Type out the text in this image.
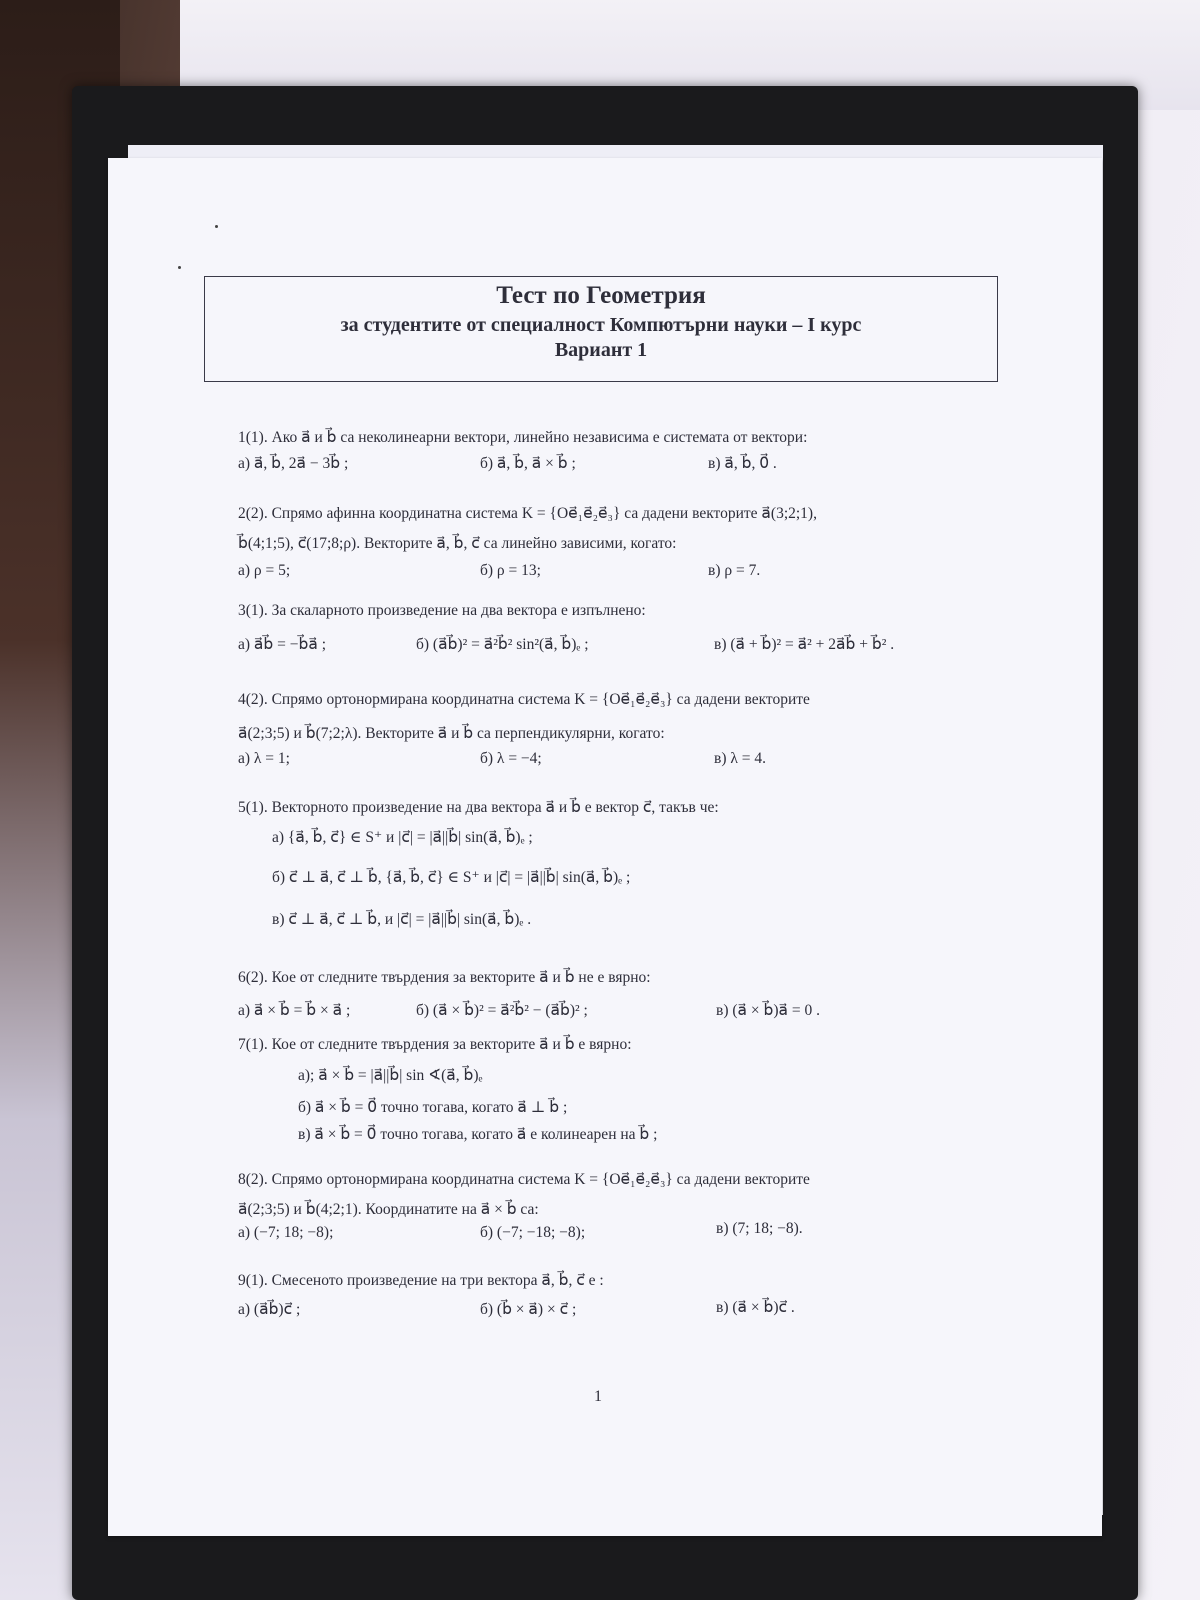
Тест по Геометрия
за студентите от специалност Компютърни науки – I курс
Вариант 1
1(1). Ако a⃗ и b⃗ са неколинеарни вектори, линейно независима е системата от вектори:
а) a⃗, b⃗, 2a⃗ − 3b⃗ ;	б) a⃗, b⃗, a⃗ × b⃗ ;	в) a⃗, b⃗, 0⃗ .
2(2). Спрямо афинна координатна система K = {Oe⃗₁e⃗₂e⃗₃} са дадени векторите a⃗(3;2;1),
b⃗(4;1;5), c⃗(17;8;ρ). Векторите a⃗, b⃗, c⃗ са линейно зависими, когато:
а) ρ = 5;	б) ρ = 13;	в) ρ = 7.
3(1). За скаларното произведение на два вектора е изпълнено:
а) a⃗b⃗ = −b⃗a⃗ ;	б) (a⃗b⃗)² = a⃗²b⃗² sin²(a⃗, b⃗)ₑ ;	в) (a⃗ + b⃗)² = a⃗² + 2a⃗b⃗ + b⃗² .
4(2). Спрямо ортонормирана координатна система K = {Oe⃗₁e⃗₂e⃗₃} са дадени векторите
a⃗(2;3;5) и b⃗(7;2;λ). Векторите a⃗ и b⃗ са перпендикулярни, когато:
а) λ = 1;	б) λ = −4;	в) λ = 4.
5(1). Векторното произведение на два вектора a⃗ и b⃗ е вектор c⃗, такъв че:
а) {a⃗, b⃗, c⃗} ∈ S⁺ и |c⃗| = |a⃗||b⃗| sin(a⃗, b⃗)ₑ ;
б) c⃗ ⊥ a⃗, c⃗ ⊥ b⃗, {a⃗, b⃗, c⃗} ∈ S⁺ и |c⃗| = |a⃗||b⃗| sin(a⃗, b⃗)ₑ ;
в) c⃗ ⊥ a⃗, c⃗ ⊥ b⃗, и |c⃗| = |a⃗||b⃗| sin(a⃗, b⃗)ₑ .
6(2). Кое от следните твърдения за векторите a⃗ и b⃗ не е вярно:
а) a⃗ × b⃗ = b⃗ × a⃗ ;	б) (a⃗ × b⃗)² = a⃗²b⃗² − (a⃗b⃗)² ;	в) (a⃗ × b⃗)a⃗ = 0 .
7(1). Кое от следните твърдения за векторите a⃗ и b⃗ е вярно:
а); a⃗ × b⃗ = |a⃗||b⃗| sin ∢(a⃗, b⃗)ₑ
б) a⃗ × b⃗ = 0⃗ точно тогава, когато a⃗ ⊥ b⃗ ;
в) a⃗ × b⃗ = 0⃗ точно тогава, когато a⃗ е колинеарен на b⃗ ;
8(2). Спрямо ортонормирана координатна система K = {Oe⃗₁e⃗₂e⃗₃} са дадени векторите
a⃗(2;3;5) и b⃗(4;2;1). Координатите на a⃗ × b⃗ са:
а) (−7; 18; −8);	б) (−7; −18; −8);	в) (7; 18; −8).
9(1). Смесеното произведение на три вектора a⃗, b⃗, c⃗ е :
а) (a⃗b⃗)c⃗ ;	б) (b⃗ × a⃗) × c⃗ ;	в) (a⃗ × b⃗)c⃗ .
1
